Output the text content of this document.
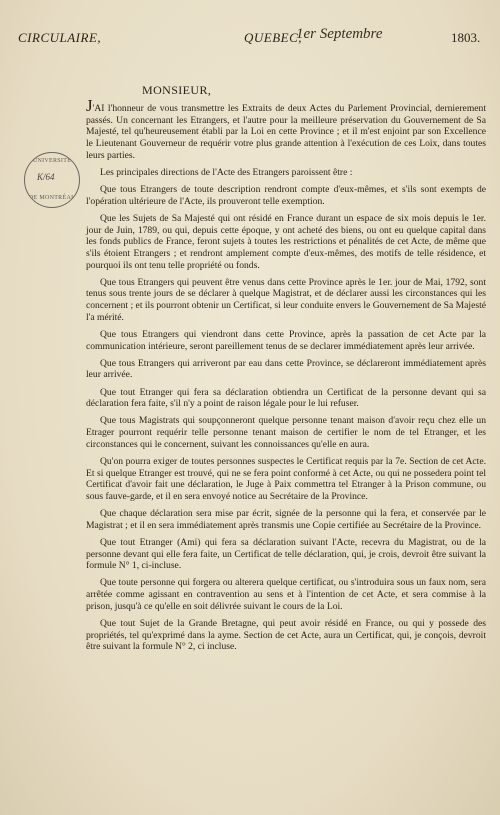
CIRCULAIRE,	QUEBEC,
1er Septembre	1803.
MONSIEUR,
UNIVERSITÉ
K/64
DE MONTRÉAL

J'AI l'honneur de vous transmettre les Extraits de deux Actes du Parlement Provincial, dernierement passés. Un concernant les Etrangers, et l'autre pour la meilleure préservation du Gouvernement de Sa Majesté, tel qu'heureusement établi par la Loi en cette Province ; et il m'est enjoint par son Excellence le Lieutenant Gouverneur de requérir votre plus grande attention à l'exécution de ces Loix, dans toutes leurs parties.

Les principales directions de l'Acte des Etrangers paroissent être :

Que tous Etrangers de toute description rendront compte d'eux-mêmes, et s'ils sont exempts de l'opération ultérieure de l'Acte, ils prouveront telle exemption.

Que les Sujets de Sa Majesté qui ont résidé en France durant un espace de six mois depuis le 1er. jour de Juin, 1789, ou qui, depuis cette époque, y ont acheté des biens, ou ont eu quelque capital dans les fonds publics de France, feront sujets à toutes les restrictions et pénalités de cet Acte, de même que s'ils étoient Etrangers ; et rendront amplement compte d'eux-mêmes, des motifs de telle résidence, et pourquoi ils ont tenu telle propriété ou fonds.

Que tous Etrangers qui peuvent être venus dans cette Province après le 1er. jour de Mai, 1792, sont tenus sous trente jours de se déclarer à quelque Magistrat, et de déclarer aussi les circonstances qui les concernent ; et ils pourront obtenir un Certificat, si leur conduite envers le Gouvernement de Sa Majesté l'a mérité.

Que tous Etrangers qui viendront dans cette Province, après la passation de cet Acte par la communication intérieure, seront pareillement tenus de se declarer immédiatement après leur arrivée.

Que tous Etrangers qui arriveront par eau dans cette Province, se déclareront immédiatement après leur arrivée.

Que tout Etranger qui fera sa déclaration obtiendra un Certificat de la personne devant qui sa déclaration fera faite, s'il n'y a point de raison légale pour le lui refuser.

Que tous Magistrats qui soupçonneront quelque personne tenant maison d'avoir reçu chez elle un Etrager pourront requérir telle personne tenant maison de certifier le nom de tel Etranger, et les circonstances qui le concernent, suivant les connoissances qu'elle en aura.

Qu'on pourra exiger de toutes personnes suspectes le Certificat requis par la 7e. Section de cet Acte. Et si quelque Etranger est trouvé, qui ne se fera point conformé à cet Acte, ou qui ne possedera point tel Certificat d'avoir fait une déclaration, le Juge à Paix commettra tel Etranger à la Prison commune, ou sous fauve-garde, et il en sera envoyé notice au Secrétaire de la Province.

Que chaque déclaration sera mise par écrit, signée de la personne qui la fera, et conservée par le Magistrat ; et il en sera immédiatement après transmis une Copie certifiée au Secrétaire de la Province.

Que tout Etranger (Ami) qui fera sa déclaration suivant l'Acte, recevra du Magistrat, ou de la personne devant qui elle fera faite, un Certificat de telle déclaration, qui, je crois, devroit être suivant la formule N° 1, ci-incluse.

Que toute personne qui forgera ou alterera quelque certificat, ou s'introduira sous un faux nom, sera arrêtée comme agissant en contravention au sens et à l'intention de cet Acte, et sera commise à la prison, jusqu'à ce qu'elle en soit délivrée suivant le cours de la Loi.

Que tout Sujet de la Grande Bretagne, qui peut avoir résidé en France, ou qui y possede des propriétés, tel qu'exprimé dans la ayme. Section de cet Acte, aura un Certificat, qui, je conçois, devroit être suivant la formule N° 2, ci incluse.
